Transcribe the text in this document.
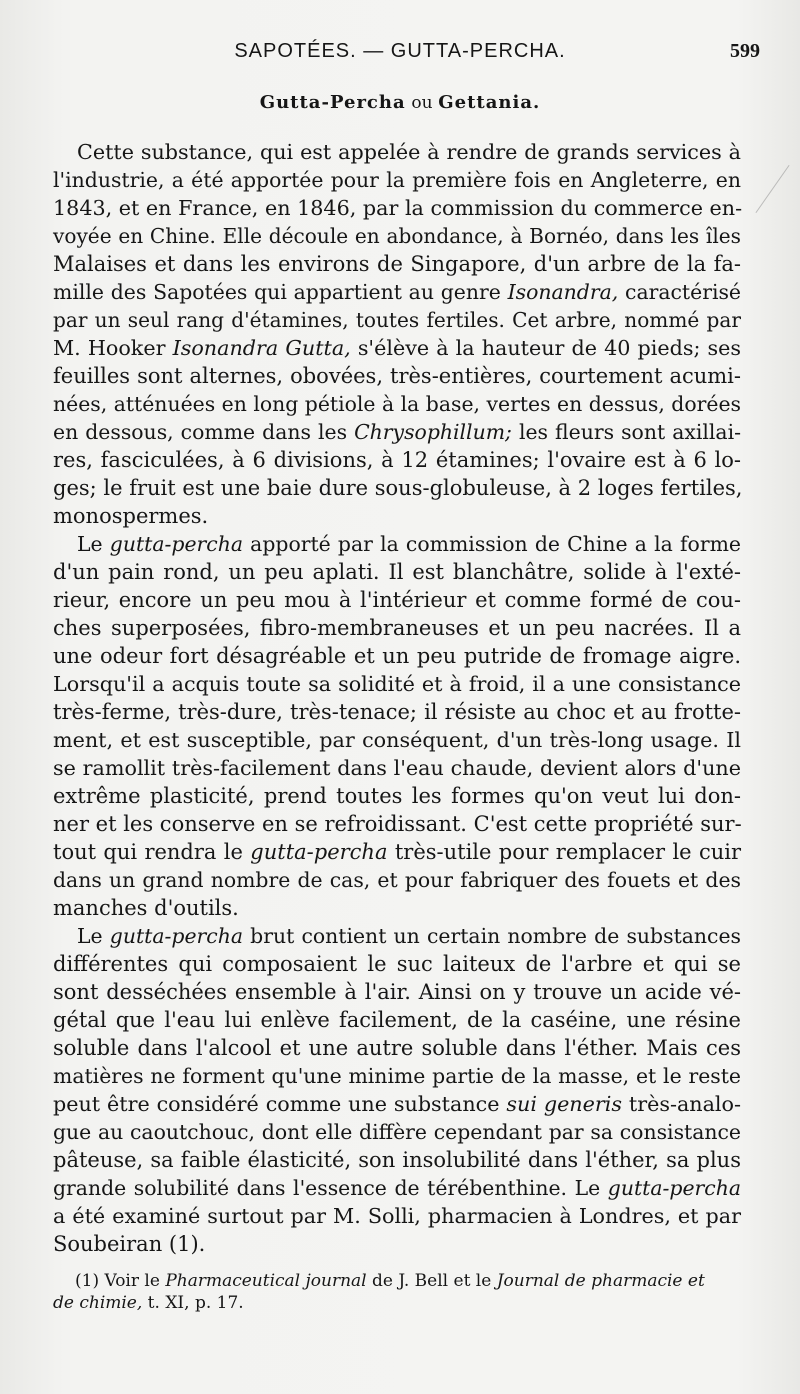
SAPOTÉES. — GUTTA-PERCHA.	599
Gutta-Percha ou Gettania.
Cette substance, qui est appelée à rendre de grands services à
l'industrie, a été apportée pour la première fois en Angleterre, en
1843, et en France, en 1846, par la commission du commerce en-
voyée en Chine. Elle découle en abondance, à Bornéo, dans les îles
Malaises et dans les environs de Singapore, d'un arbre de la fa-
mille des Sapotées qui appartient au genre Isonandra, caractérisé
par un seul rang d'étamines, toutes fertiles. Cet arbre, nommé par
M. Hooker Isonandra Gutta, s'élève à la hauteur de 40 pieds; ses
feuilles sont alternes, obovées, très-entières, courtement acumi-
nées, atténuées en long pétiole à la base, vertes en dessus, dorées
en dessous, comme dans les Chrysophillum; les fleurs sont axillai-
res, fasciculées, à 6 divisions, à 12 étamines; l'ovaire est à 6 lo-
ges; le fruit est une baie dure sous-globuleuse, à 2 loges fertiles,
monospermes.
Le gutta-percha apporté par la commission de Chine a la forme
d'un pain rond, un peu aplati. Il est blanchâtre, solide à l'exté-
rieur, encore un peu mou à l'intérieur et comme formé de cou-
ches superposées, fibro-membraneuses et un peu nacrées. Il a
une odeur fort désagréable et un peu putride de fromage aigre.
Lorsqu'il a acquis toute sa solidité et à froid, il a une consistance
très-ferme, très-dure, très-tenace; il résiste au choc et au frotte-
ment, et est susceptible, par conséquent, d'un très-long usage. Il
se ramollit très-facilement dans l'eau chaude, devient alors d'une
extrême plasticité, prend toutes les formes qu'on veut lui don-
ner et les conserve en se refroidissant. C'est cette propriété sur-
tout qui rendra le gutta-percha très-utile pour remplacer le cuir
dans un grand nombre de cas, et pour fabriquer des fouets et des
manches d'outils.
Le gutta-percha brut contient un certain nombre de substances
différentes qui composaient le suc laiteux de l'arbre et qui se
sont desséchées ensemble à l'air. Ainsi on y trouve un acide vé-
gétal que l'eau lui enlève facilement, de la caséine, une résine
soluble dans l'alcool et une autre soluble dans l'éther. Mais ces
matières ne forment qu'une minime partie de la masse, et le reste
peut être considéré comme une substance sui generis très-analo-
gue au caoutchouc, dont elle diffère cependant par sa consistance
pâteuse, sa faible élasticité, son insolubilité dans l'éther, sa plus
grande solubilité dans l'essence de térébenthine. Le gutta-percha
a été examiné surtout par M. Solli, pharmacien à Londres, et par
Soubeiran (1).
(1) Voir le Pharmaceutical journal de J. Bell et le Journal de pharmacie et
de chimie, t. XI, p. 17.
